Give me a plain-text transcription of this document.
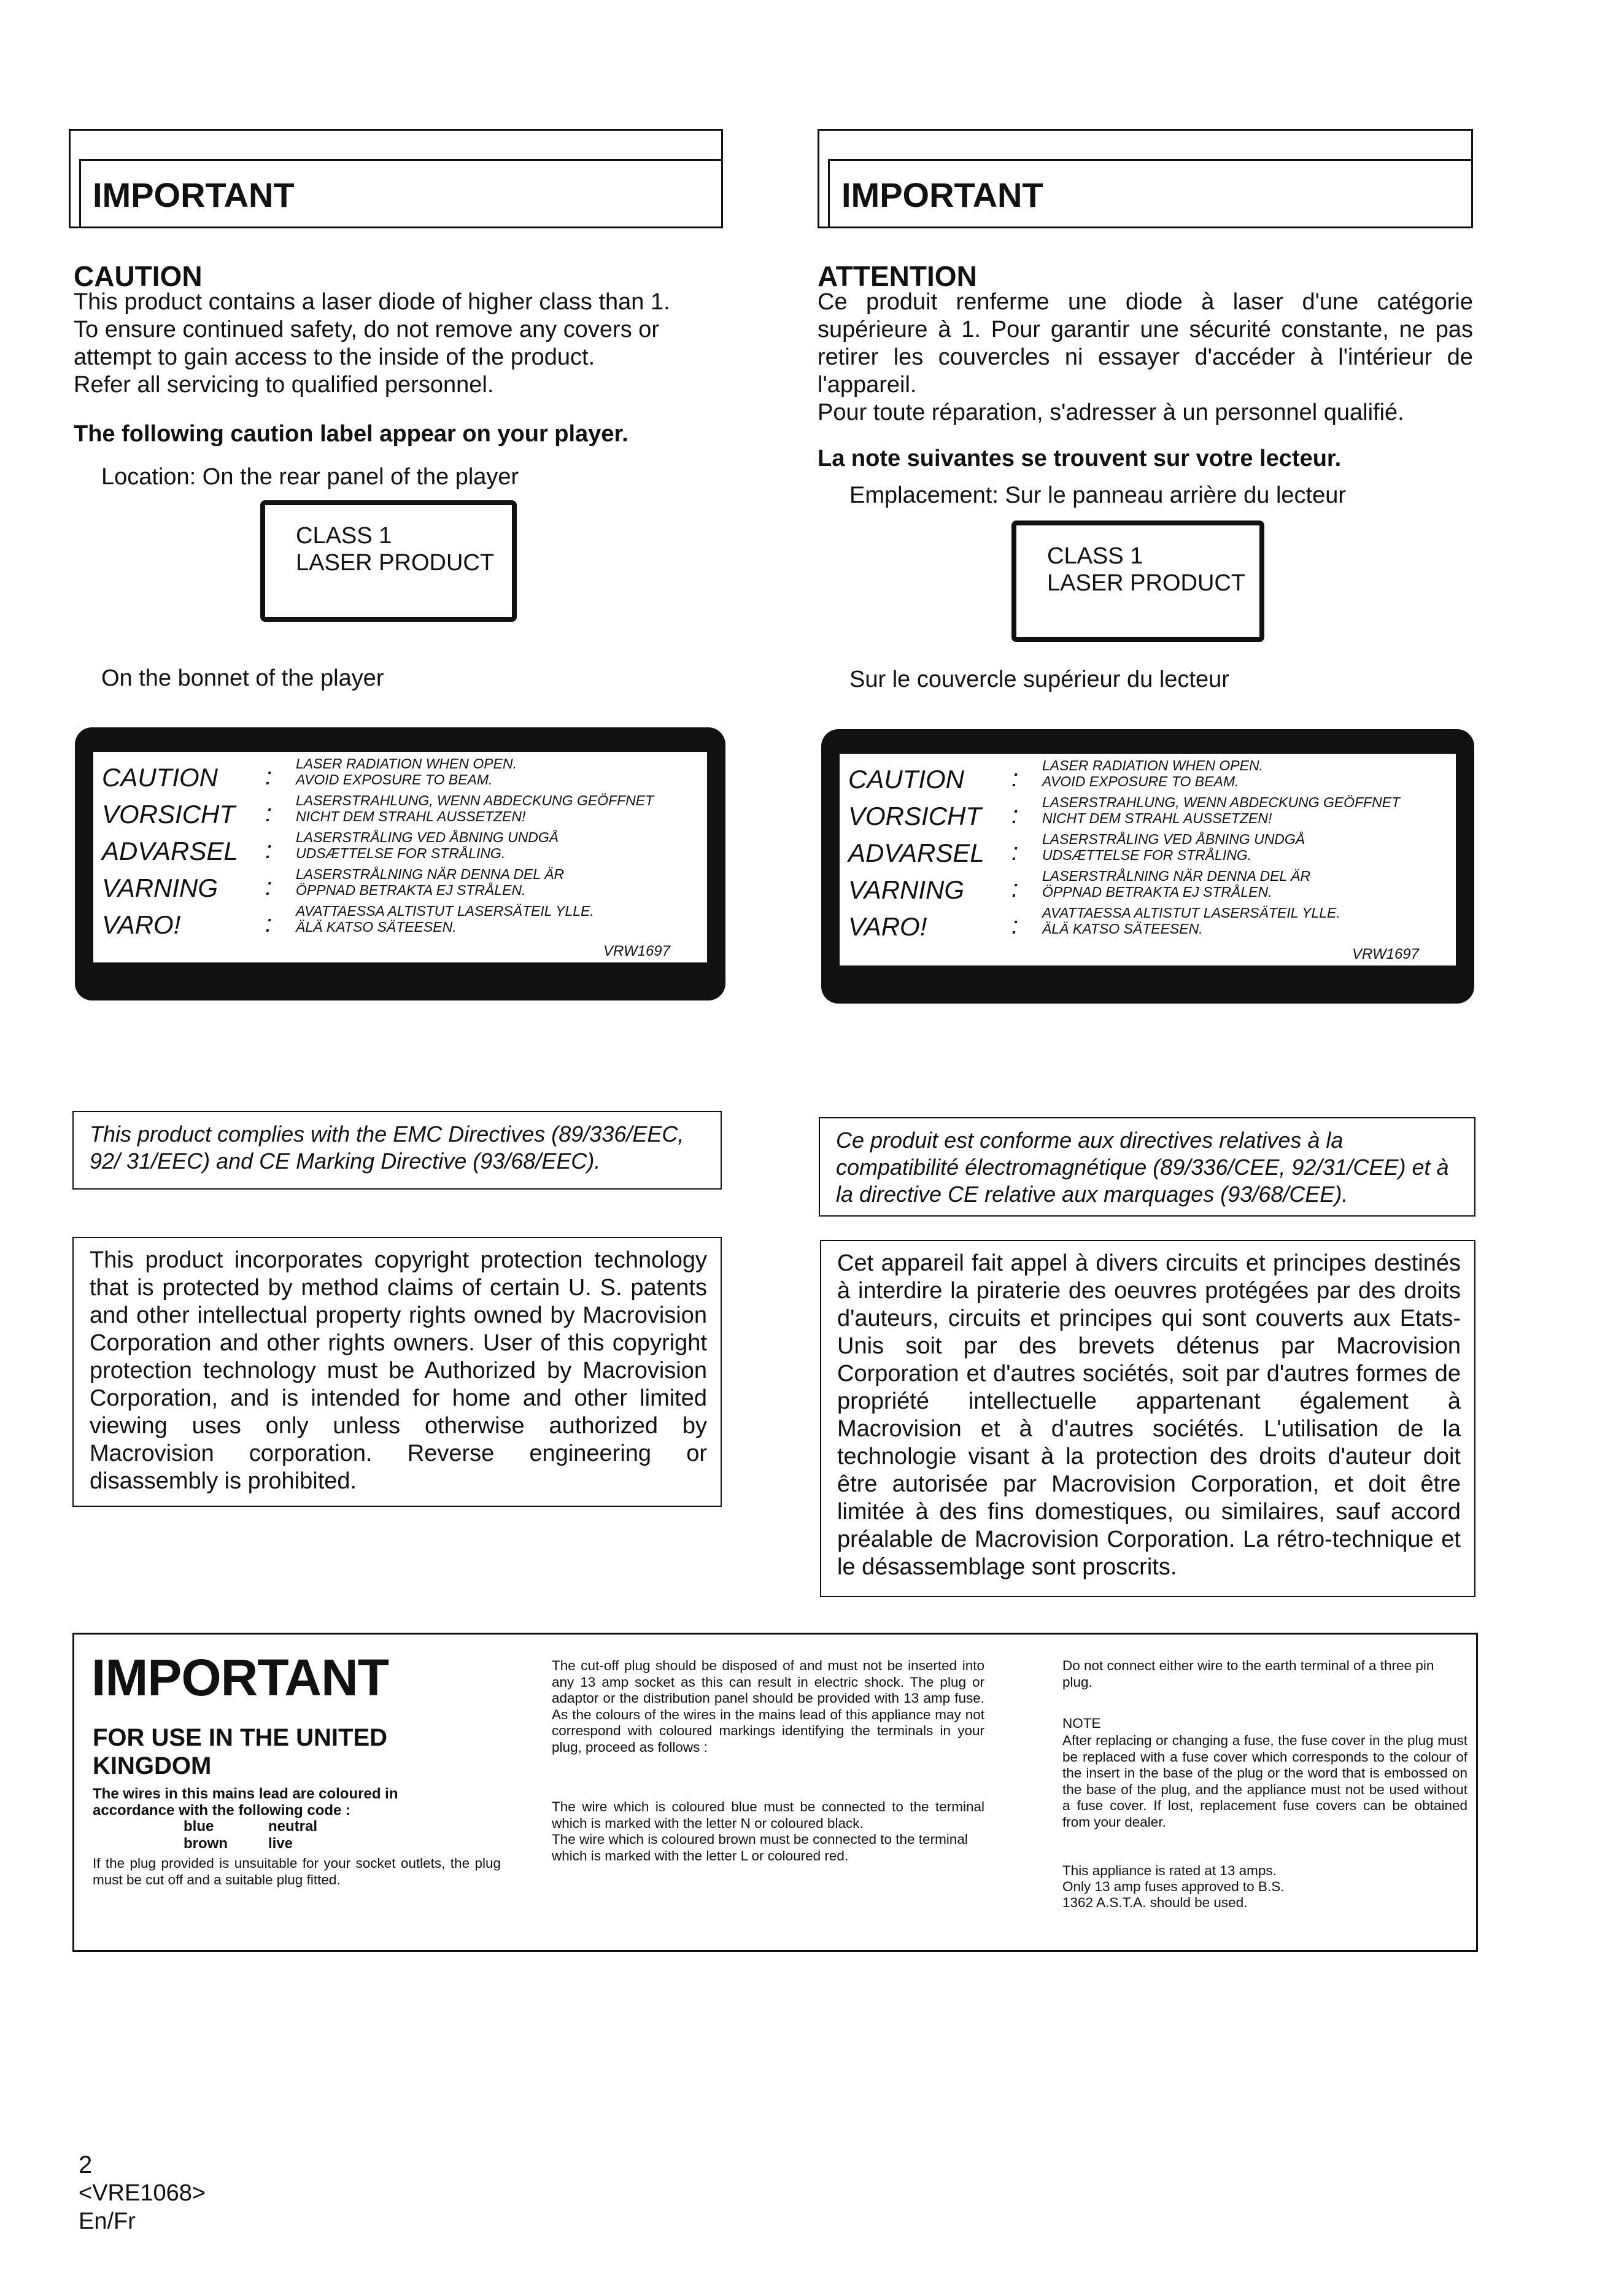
IMPORTANT
CAUTION
This product contains a laser diode of higher class than 1.
To ensure continued safety, do not remove any covers or
attempt to gain access to the inside of the product.
Refer all servicing to qualified personnel.
The following caution label appear on your player.
Location: On the rear panel of the player
CLASS 1
LASER PRODUCT
On the bonnet of the player
CAUTION : LASER RADIATION WHEN OPEN.
AVOID EXPOSURE TO BEAM.
VORSICHT : LASERSTRAHLUNG, WENN ABDECKUNG GEÖFFNET
NICHT DEM STRAHL AUSSETZEN!
ADVARSEL : LASERSTRÅLING VED ÅBNING UNDGÅ
UDSÆTTELSE FOR STRÅLING.
VARNING : LASERSTRÅLNING NÄR DENNA DEL ÄR
ÖPPNAD BETRAKTA EJ STRÅLEN.
VARO!	: AVATTAESSA ALTISTUT LASERSÄTEIL YLLE.
ÄLÄ KATSO SÄTEESEN.
VRW1697
This product complies with the EMC Directives (89/336/EEC, 92/ 31/EEC) and CE Marking Directive (93/68/EEC).
This product incorporates copyright protection technology that is protected by method claims of certain U. S. patents and other intellectual property rights owned by Macrovision Corporation and other rights owners. User of this copyright protection technology must be Authorized by Macrovision Corporation, and is intended for home and other limited viewing uses only unless otherwise authorized by Macrovision corporation. Reverse engineering or disassembly is prohibited.
IMPORTANT
ATTENTION
Ce produit renferme une diode à laser d'une catégorie supérieure à 1. Pour garantir une sécurité constante, ne pas retirer les couvercles ni essayer d'accéder à l'intérieur de l'appareil.
Pour toute réparation, s'adresser à un personnel qualifié.
La note suivantes se trouvent sur votre lecteur.
Emplacement: Sur le panneau arrière du lecteur
CLASS 1
LASER PRODUCT
Sur le couvercle supérieur du lecteur
CAUTION : LASER RADIATION WHEN OPEN.
AVOID EXPOSURE TO BEAM.
VORSICHT : LASERSTRAHLUNG, WENN ABDECKUNG GEÖFFNET
NICHT DEM STRAHL AUSSETZEN!
ADVARSEL : LASERSTRÅLING VED ÅBNING UNDGÅ
UDSÆTTELSE FOR STRÅLING.
VARNING : LASERSTRÅLNING NÄR DENNA DEL ÄR
ÖPPNAD BETRAKTA EJ STRÅLEN.
VARO!	: AVATTAESSA ALTISTUT LASERSÄTEIL YLLE.
ÄLÄ KATSO SÄTEESEN.
VRW1697
Ce produit est conforme aux directives relatives à la compatibilité électromagnétique (89/336/CEE, 92/31/CEE) et à la directive CE relative aux marquages (93/68/CEE).
Cet appareil fait appel à divers circuits et principes destinés à interdire la piraterie des oeuvres protégées par des droits d'auteurs, circuits et principes qui sont couverts aux Etats-Unis soit par des brevets détenus par Macrovision Corporation et d'autres sociétés, soit par d'autres formes de propriété intellectuelle appartenant également à Macrovision et à d'autres sociétés. L'utilisation de la technologie visant à la protection des droits d'auteur doit être autorisée par Macrovision Corporation, et doit être limitée à des fins domestiques, ou similaires, sauf accord préalable de Macrovision Corporation. La rétro-technique et le désassemblage sont proscrits.
IMPORTANT
FOR USE IN THE UNITED KINGDOM
The wires in this mains lead are coloured in accordance with the following code :
blue	neutral
brown	live
If the plug provided is unsuitable for your socket outlets, the plug must be cut off and a suitable plug fitted.
The cut-off plug should be disposed of and must not be inserted into any 13 amp socket as this can result in electric shock. The plug or adaptor or the distribution panel should be provided with 13 amp fuse. As the colours of the wires in the mains lead of this appliance may not correspond with coloured markings identifying the terminals in your plug, proceed as follows :
The wire which is coloured blue must be connected to the terminal which is marked with the letter N or coloured black.
The wire which is coloured brown must be connected to the terminal which is marked with the letter L or coloured red.
Do not connect either wire to the earth terminal of a three pin plug.
NOTE
After replacing or changing a fuse, the fuse cover in the plug must be replaced with a fuse cover which corresponds to the colour of the insert in the base of the plug or the word that is embossed on the base of the plug, and the appliance must not be used without a fuse cover. If lost, replacement fuse covers can be obtained from your dealer.
This appliance is rated at 13 amps.
Only 13 amp fuses approved to B.S.
1362 A.S.T.A. should be used.
2
<VRE1068>
En/Fr
